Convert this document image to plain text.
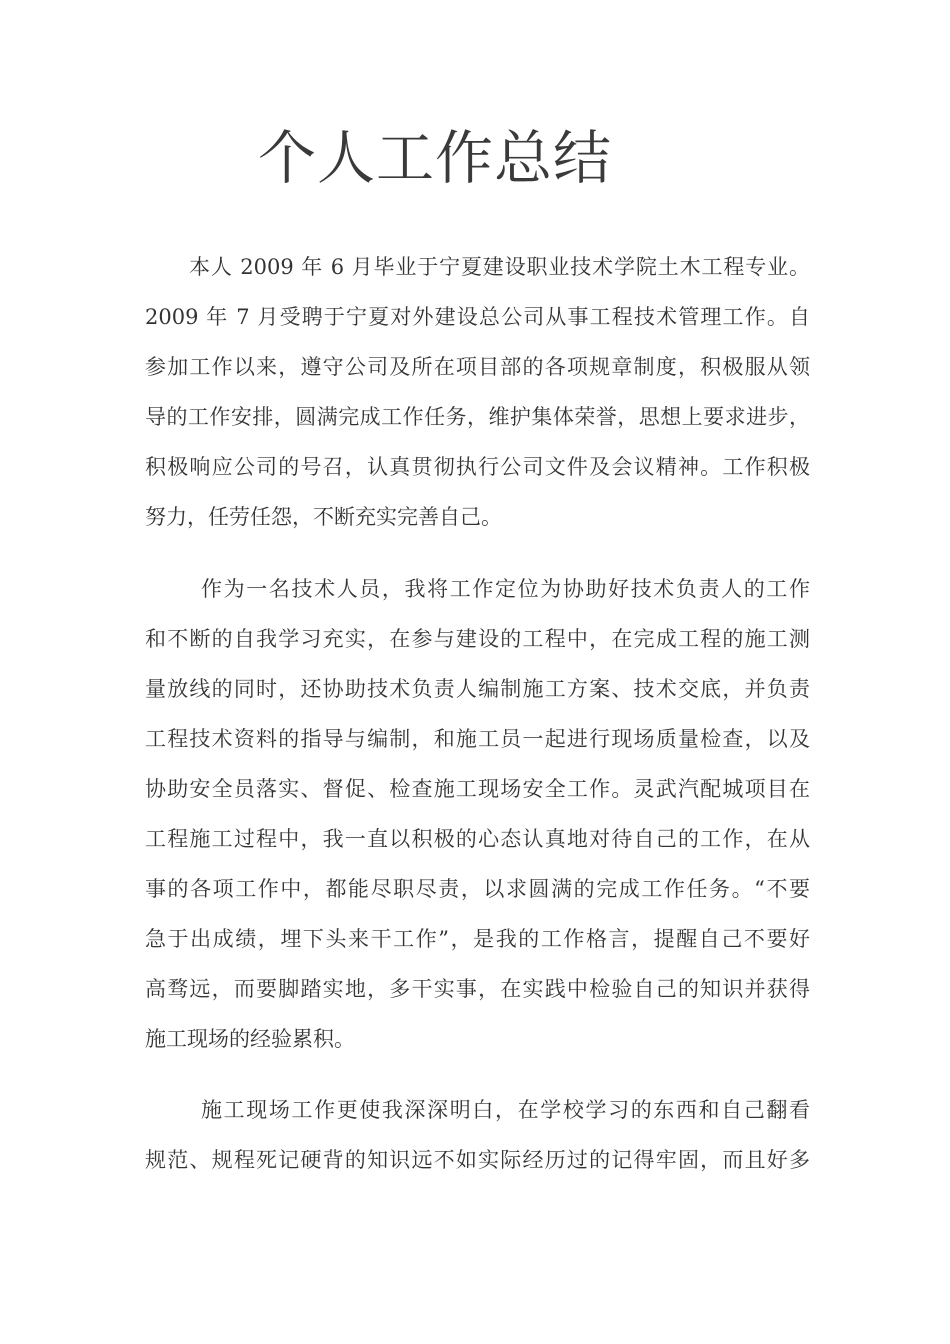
个人工作总结
本人 2009 年 6 月毕业于宁夏建设职业技术学院土木工程专业。
2009 年 7 月受聘于宁夏对外建设总公司从事工程技术管理工作。自
参加工作以来，遵守公司及所在项目部的各项规章制度，积极服从领
导的工作安排，圆满完成工作任务，维护集体荣誉，思想上要求进步，
积极响应公司的号召，认真贯彻执行公司文件及会议精神。工作积极
努力，任劳任怨，不断充实完善自己。
作为一名技术人员，我将工作定位为协助好技术负责人的工作
和不断的自我学习充实，在参与建设的工程中，在完成工程的施工测
量放线的同时，还协助技术负责人编制施工方案、技术交底，并负责
工程技术资料的指导与编制，和施工员一起进行现场质量检查，以及
协助安全员落实、督促、检查施工现场安全工作。灵武汽配城项目在
工程施工过程中，我一直以积极的心态认真地对待自己的工作，在从
事的各项工作中，都能尽职尽责，以求圆满的完成工作任务。“不要
急于出成绩，埋下头来干工作”，是我的工作格言，提醒自己不要好
高骛远，而要脚踏实地，多干实事，在实践中检验自己的知识并获得
施工现场的经验累积。
施工现场工作更使我深深明白，在学校学习的东西和自己翻看
规范、规程死记硬背的知识远不如实际经历过的记得牢固，而且好多
